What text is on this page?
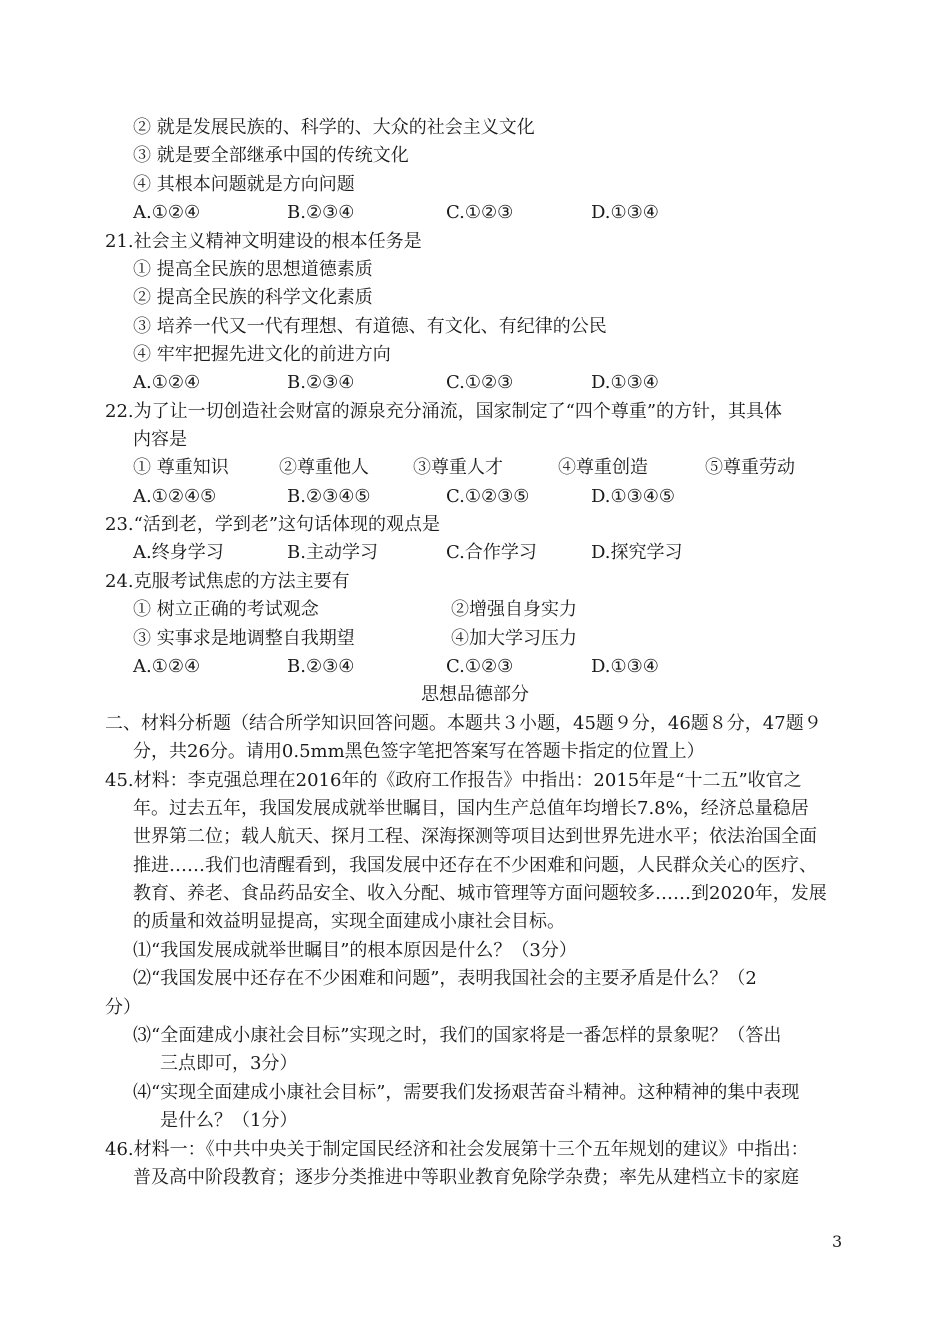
② 就是发展民族的、科学的、大众的社会主义文化
③ 就是要全部继承中国的传统文化
④ 其根本问题就是方向问题
A.①②④	B.②③④	C.①②③	D.①③④
21.社会主义精神文明建设的根本任务是
① 提高全民族的思想道德素质
② 提高全民族的科学文化素质
③ 培养一代又一代有理想、有道德、有文化、有纪律的公民
④ 牢牢把握先进文化的前进方向
A.①②④	B.②③④	C.①②③	D.①③④
22.为了让一切创造社会财富的源泉充分涌流，国家制定了“四个尊重”的方针，其具体
内容是
① 尊重知识	②尊重他人 ③尊重人才	④尊重创造	⑤尊重劳动
A.①②④⑤	B.②③④⑤	C.①②③⑤	D.①③④⑤
23.“活到老，学到老”这句话体现的观点是
A.终身学习	B.主动学习	C.合作学习	D.探究学习
24.克服考试焦虑的方法主要有
① 树立正确的考试观念	②增强自身实力
③ 实事求是地调整自我期望	④加大学习压力
A.①②④	B.②③④	C.①②③	D.①③④
思想品德部分
二、材料分析题（结合所学知识回答问题。本题共３小题，45题９分，46题８分，47题９
分，共26分。请用0.5mm黑色签字笔把答案写在答题卡指定的位置上）
45.材料：李克强总理在2016年的《政府工作报告》中指出：2015年是“十二五”收官之
年。过去五年，我国发展成就举世瞩目，国内生产总值年均增长7.8%，经济总量稳居
世界第二位；载人航天、探月工程、深海探测等项目达到世界先进水平；依法治国全面
推进……我们也清醒看到，我国发展中还存在不少困难和问题，人民群众关心的医疗、
教育、养老、食品药品安全、收入分配、城市管理等方面问题较多……到2020年，发展
的质量和效益明显提高，实现全面建成小康社会目标。
⑴“我国发展成就举世瞩目”的根本原因是什么？（3分）
⑵“我国发展中还存在不少困难和问题”，表明我国社会的主要矛盾是什么？（2
分）
⑶“全面建成小康社会目标”实现之时，我们的国家将是一番怎样的景象呢？（答出
三点即可，3分）
⑷“实现全面建成小康社会目标”，需要我们发扬艰苦奋斗精神。这种精神的集中表现
是什么？（1分）
46.材料一：《中共中央关于制定国民经济和社会发展第十三个五年规划的建议》中指出：
普及高中阶段教育；逐步分类推进中等职业教育免除学杂费；率先从建档立卡的家庭
3
